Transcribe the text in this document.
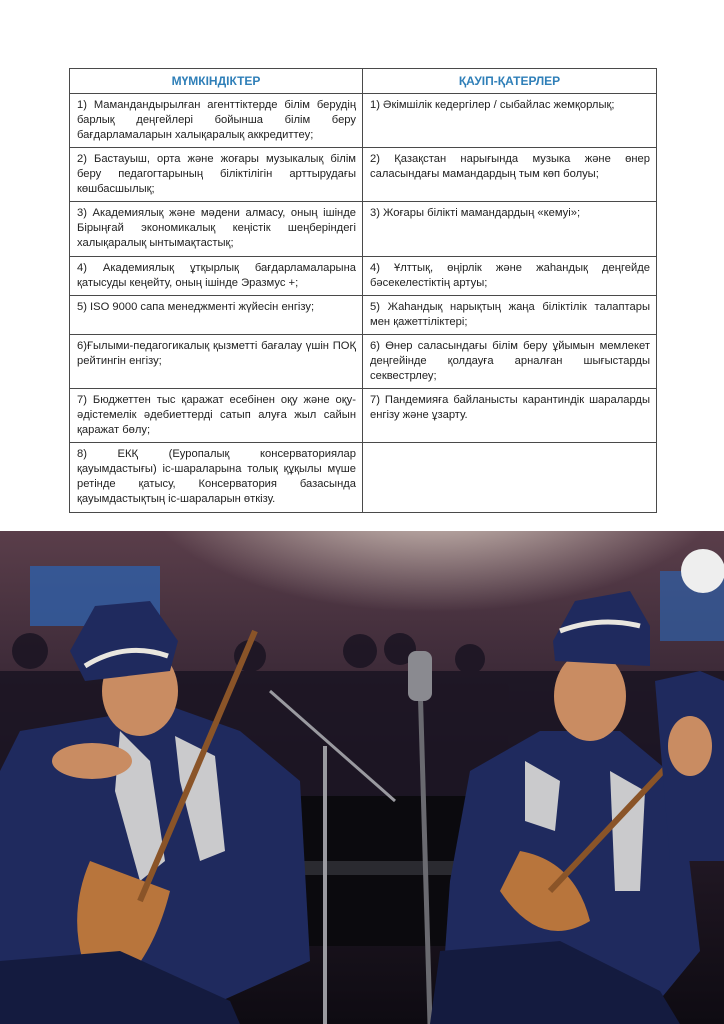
МҮМКІНДІКТЕР	ҚАУІП-ҚАТЕРЛЕР
1) Мамандандырылған агенттіктерде білім беpудің барлық деңгейлері бойынша білім беру бағдарламаларын халықаралық аккредиттеу;	1) Әкімшілік кедергілер / сыбайлас жемқорлық;
2) Бастауыш, орта және жоғары музыкалық білім беру педагогтарының біліктілігін арттырудағы көшбасшылық;	2) Қазақстан нарығында музыка және өнер саласындағы мамандардың тым көп болуы;
3) Академиялық және мәдени алмасу, оның ішінде Бірыңғай экономикалық кеңістік шеңберіндегі халықаралық ынтымақтастық;	3) Жоғары білікті мамандардың «кемуі»;
4) Академиялық ұтқырлық бағдарламаларына қатысуды кеңейту, оның ішінде Эразмус +;	4) Ұлттық, өңірлік және жаһандық деңгейде бәсекелестіктің артуы;
5) ISO 9000 сапа менеджменті жүйесін енгізу;	5) Жаһандық нарықтың жаңа біліктілік талаптары мен қажеттіліктері;
6)Ғылыми-педагогикалық қызметті бағалау үшін ПОҚ рейтингін енгізу;	6) Өнер саласындағы білім беру ұйымын мемлекет деңгейінде қолдауға арналған шығыстарды секвестрлеу;
7) Бюджеттен тыс қаражат есебінен оқу және оқу-әдістемелік әдебиеттерді сатып алуға жыл сайын қаражат бөлу;	7) Пандемияға байланысты карантиндік шараларды енгізу және ұзарту.
8) ЕКҚ (Еуропалық консерваториялар қауымдастығы) іс-шараларына толық құқылы мүше ретінде қатысу, Консерватория базасында қауымдастықтың іс-шараларын өткізу.	
